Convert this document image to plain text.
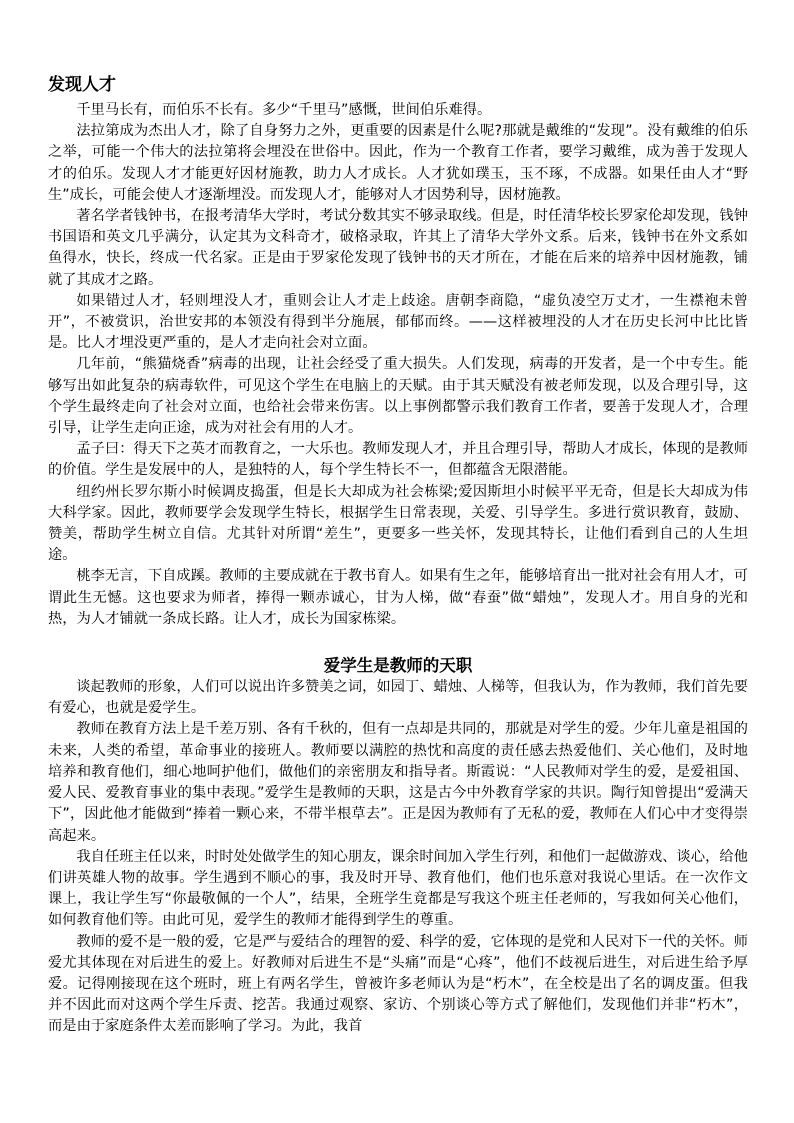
发现人才

千里马长有，而伯乐不长有。多少“千里马”感慨，世间伯乐难得。

法拉第成为杰出人才，除了自身努力之外，更重要的因素是什么呢?那就是戴维的“发现”。没有戴维的伯乐之举，可能一个伟大的法拉第将会埋没在世俗中。因此，作为一个教育工作者，要学习戴维，成为善于发现人才的伯乐。发现人才才能更好因材施教，助力人才成长。人才犹如璞玉，玉不琢，不成器。如果任由人才“野生”成长，可能会使人才逐渐埋没。而发现人才，能够对人才因势利导，因材施教。

著名学者钱钟书，在报考清华大学时，考试分数其实不够录取线。但是，时任清华校长罗家伦却发现，钱钟书国语和英文几乎满分，认定其为文科奇才，破格录取，许其上了清华大学外文系。后来，钱钟书在外文系如鱼得水，快长，终成一代名家。正是由于罗家伦发现了钱钟书的天才所在，才能在后来的培养中因材施教，铺就了其成才之路。

如果错过人才，轻则埋没人才，重则会让人才走上歧途。唐朝李商隐，“虚负凌空万丈才，一生襟袍未曾开”，不被赏识，治世安邦的本领没有得到半分施展，郁郁而终。——这样被埋没的人才在历史长河中比比皆是。比人才埋没更严重的，是人才走向社会对立面。

几年前，“熊猫烧香”病毒的出现，让社会经受了重大损失。人们发现，病毒的开发者，是一个中专生。能够写出如此复杂的病毒软件，可见这个学生在电脑上的天赋。由于其天赋没有被老师发现，以及合理引导，这个学生最终走向了社会对立面，也给社会带来伤害。以上事例都警示我们教育工作者，要善于发现人才，合理引导，让学生走向正途，成为对社会有用的人才。

孟子曰：得天下之英才而教育之，一大乐也。教师发现人才，并且合理引导，帮助人才成长，体现的是教师的价值。学生是发展中的人，是独特的人，每个学生特长不一，但都蕴含无限潜能。

纽约州长罗尔斯小时候调皮捣蛋，但是长大却成为社会栋梁;爱因斯坦小时候平平无奇，但是长大却成为伟大科学家。因此，教师要学会发现学生特长，根据学生日常表现，关爱、引导学生。多进行赏识教育，鼓励、赞美，帮助学生树立自信。尤其针对所谓“差生”，更要多一些关怀，发现其特长，让他们看到自己的人生坦途。

桃李无言，下自成蹊。教师的主要成就在于教书育人。如果有生之年，能够培育出一批对社会有用人才，可谓此生无憾。这也要求为师者，捧得一颗赤诚心，甘为人梯，做“春蚕”做“蜡烛”，发现人才。用自身的光和热，为人才铺就一条成长路。让人才，成长为国家栋梁。

爱学生是教师的天职

谈起教师的形象，人们可以说出许多赞美之词，如园丁、蜡烛、人梯等，但我认为，作为教师，我们首先要有爱心，也就是爱学生。

教师在教育方法上是千差万别、各有千秋的，但有一点却是共同的，那就是对学生的爱。少年儿童是祖国的未来，人类的希望，革命事业的接班人。教师要以满腔的热忱和高度的责任感去热爱他们、关心他们，及时地培养和教育他们，细心地呵护他们，做他们的亲密朋友和指导者。斯霞说：“人民教师对学生的爱，是爱祖国、爱人民、爱教育事业的集中表现。”爱学生是教师的天职，这是古今中外教育学家的共识。陶行知曾提出“爱满天下”，因此他才能做到“捧着一颗心来，不带半根草去”。正是因为教师有了无私的爱，教师在人们心中才变得崇高起来。

我自任班主任以来，时时处处做学生的知心朋友，课余时间加入学生行列，和他们一起做游戏、谈心，给他们讲英雄人物的故事。学生遇到不顺心的事，我及时开导、教育他们，他们也乐意对我说心里话。在一次作文课上，我让学生写“你最敬佩的一个人”，结果，全班学生竟都是写我这个班主任老师的，写我如何关心他们，如何教育他们等。由此可见，爱学生的教师才能得到学生的尊重。

教师的爱不是一般的爱，它是严与爱结合的理智的爱、科学的爱，它体现的是党和人民对下一代的关怀。师爱尤其体现在对后进生的爱上。好教师对后进生不是“头痛”而是“心疼”，他们不歧视后进生，对后进生给予厚爱。记得刚接现在这个班时，班上有两名学生，曾被许多老师认为是“朽木”，在全校是出了名的调皮蛋。但我并不因此而对这两个学生斥责、挖苦。我通过观察、家访、个别谈心等方式了解他们，发现他们并非“朽木”，而是由于家庭条件太差而影响了学习。为此，我首
